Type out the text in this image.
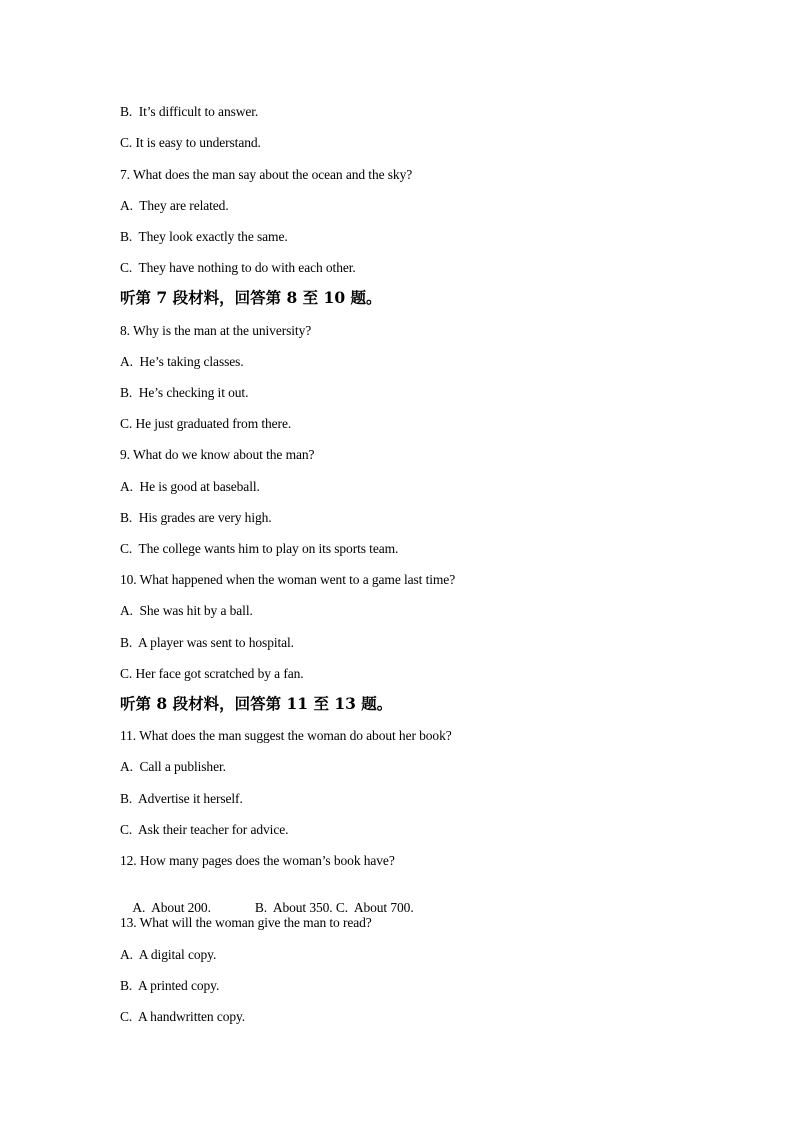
B.  It’s difficult to answer.
C. It is easy to understand.
7. What does the man say about the ocean and the sky?
A.  They are related.
B.  They look exactly the same.
C.  They have nothing to do with each other.
听第 7 段材料，回答第 8 至 10 题。
8. Why is the man at the university?
A.  He’s taking classes.
B.  He’s checking it out.
C. He just graduated from there.
9. What do we know about the man?
A.  He is good at baseball.
B.  His grades are very high.
C.  The college wants him to play on its sports team.
10. What happened when the woman went to a game last time?
A.  She was hit by a ball.
B.  A player was sent to hospital.
C. Her face got scratched by a fan.
听第 8 段材料，回答第 11 至 13 题。
11. What does the man suggest the woman do about her book?
A.  Call a publisher.
B.  Advertise it herself.
C.  Ask their teacher for advice.
12. How many pages does the woman’s book have?

A.  About 200.	B.  About 350. C.  About 700.

13. What will the woman give the man to read?
A.  A digital copy.
B.  A printed copy.
C.  A handwritten copy.
